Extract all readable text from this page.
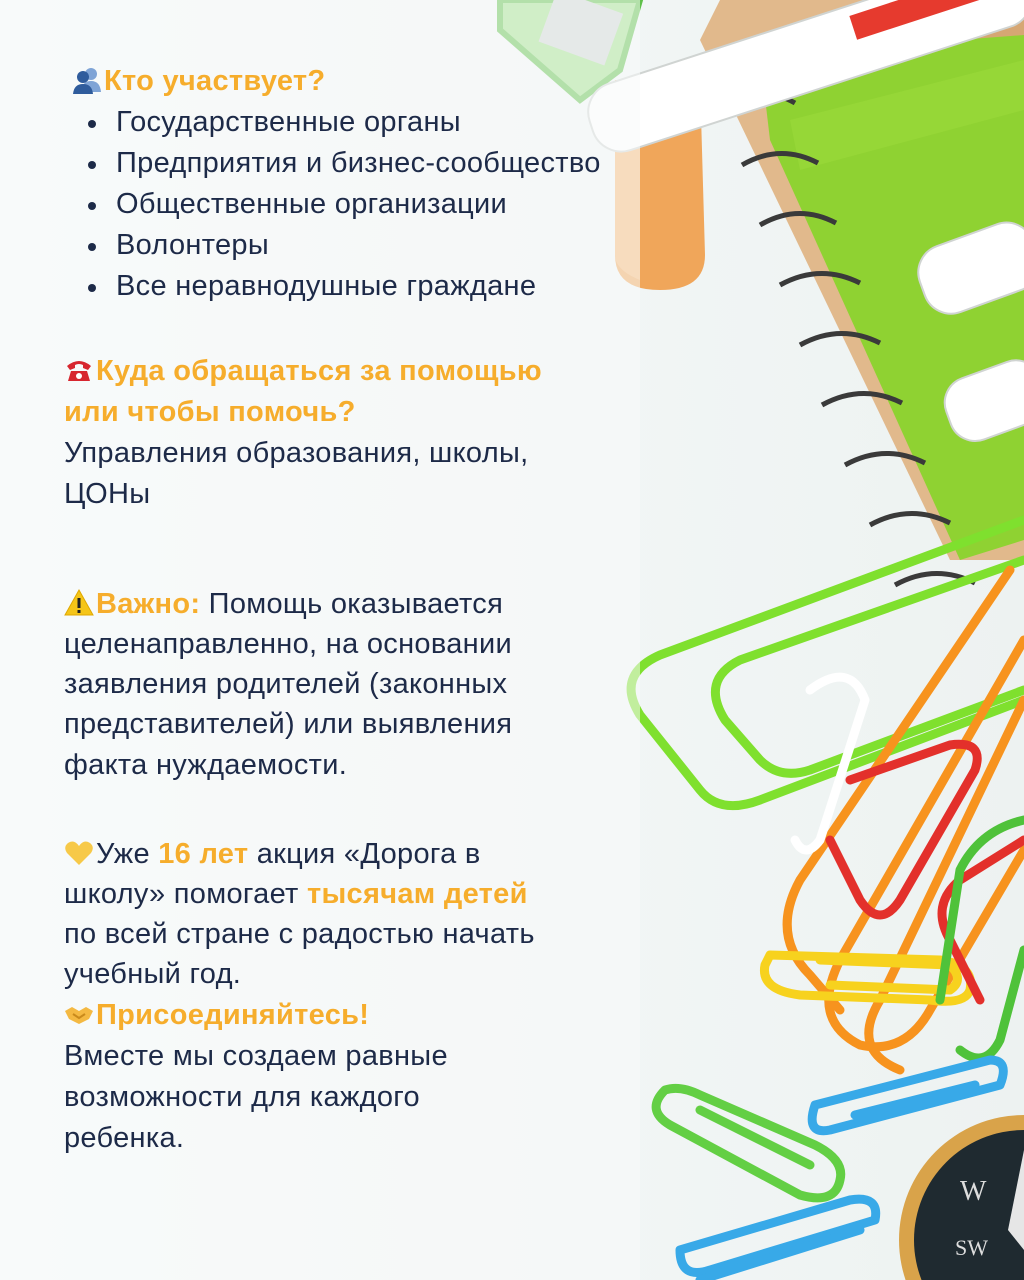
SW
W
Кто участвует?
Государственные органы
Предприятия и бизнес-сообщество
Общественные организации
Волонтеры
Все неравнодушные граждане
Куда обращаться за помощью
или чтобы помочь?
Управления образования, школы,
ЦОНы
Важно: Помощь оказывается
целенаправленно, на основании
заявления родителей (законных
представителей) или выявления
факта нуждаемости.
Уже 16 лет акция «Дорога в
школу» помогает тысячам детей
по всей стране с радостью начать
учебный год.
Присоединяйтесь!
Вместе мы создаем равные
возможности для каждого
ребенка.
